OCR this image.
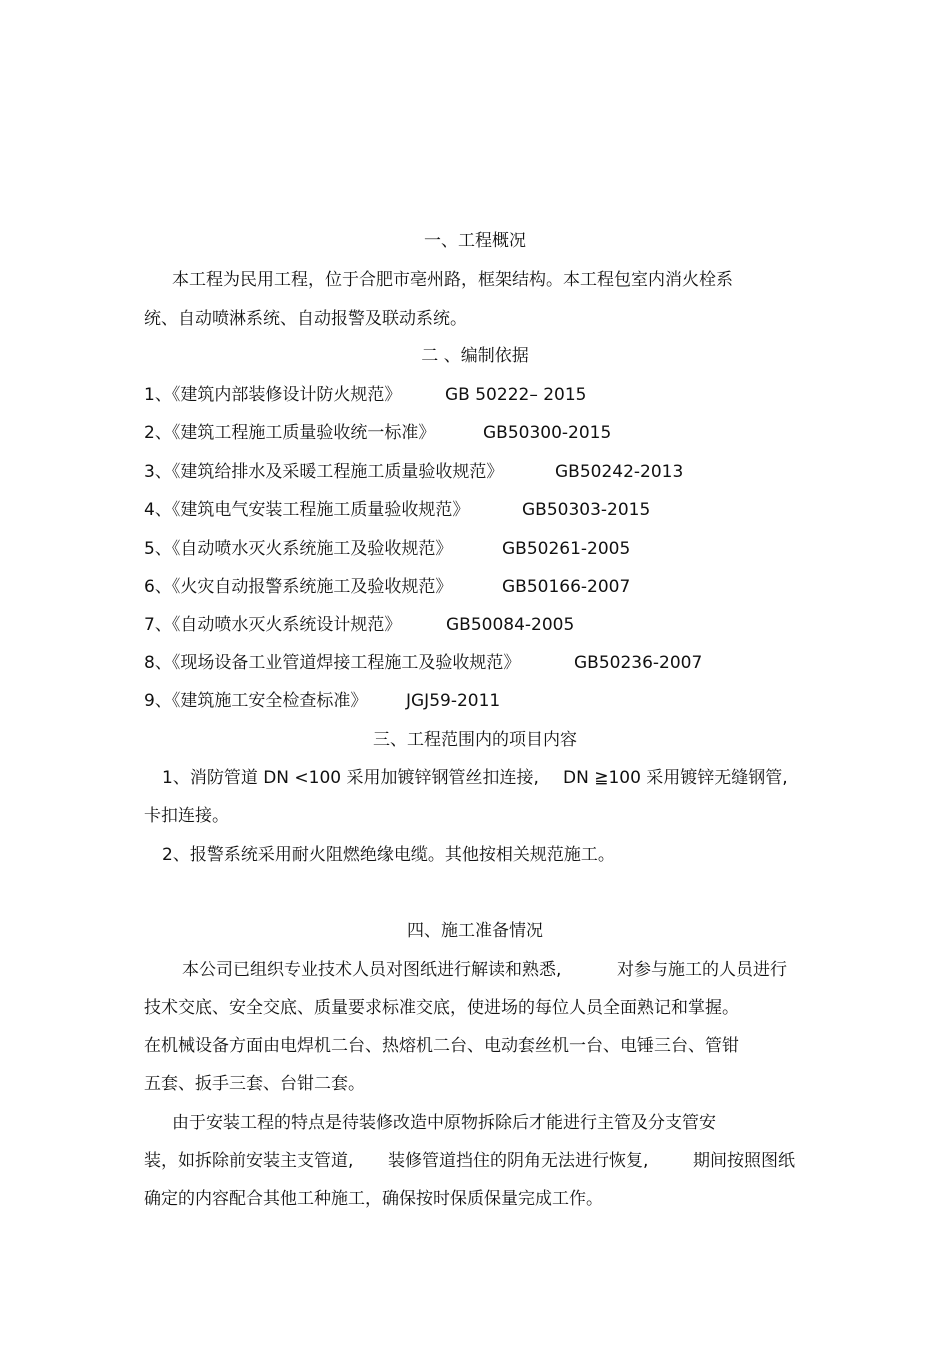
一、工程概况
本工程为民用工程，位于合肥市亳州路，框架结构。本工程包室内消火栓系
统、自动喷淋系统、自动报警及联动系统。
二 、编制依据
1、《建筑内部装修设计防火规范》	GB 50222– 2015
2、《建筑工程施工质量验收统一标准》	GB50300-2015
3、《建筑给排水及采暖工程施工质量验收规范》	GB50242-2013
4、《建筑电气安装工程施工质量验收规范》	GB50303-2015
5、《自动喷水灭火系统施工及验收规范》	GB50261-2005
6、《火灾自动报警系统施工及验收规范》	GB50166-2007
7、《自动喷水灭火系统设计规范》	GB50084-2005
8、《现场设备工业管道焊接工程施工及验收规范》	GB50236-2007
9、《建筑施工安全检查标准》 JGJ59-2011
三、工程范围内的项目内容
1、消防管道 DN <100 采用加镀锌钢管丝扣连接, DN ≧100 采用镀锌无缝钢管,
卡扣连接。
2、报警系统采用耐火阻燃绝缘电缆。其他按相关规范施工。
四、施工准备情况
本公司已组织专业技术人员对图纸进行解读和熟悉,	对参与施工的人员进行
技术交底、安全交底、质量要求标准交底，使进场的每位人员全面熟记和掌握。
在机械设备方面由电焊机二台、热熔机二台、电动套丝机一台、电锤三台、管钳
五套、扳手三套、台钳二套。
由于安装工程的特点是待装修改造中原物拆除后才能进行主管及分支管安
装，如拆除前安装主支管道, 装修管道挡住的阴角无法进行恢复,	期间按照图纸
确定的内容配合其他工种施工，确保按时保质保量完成工作。
